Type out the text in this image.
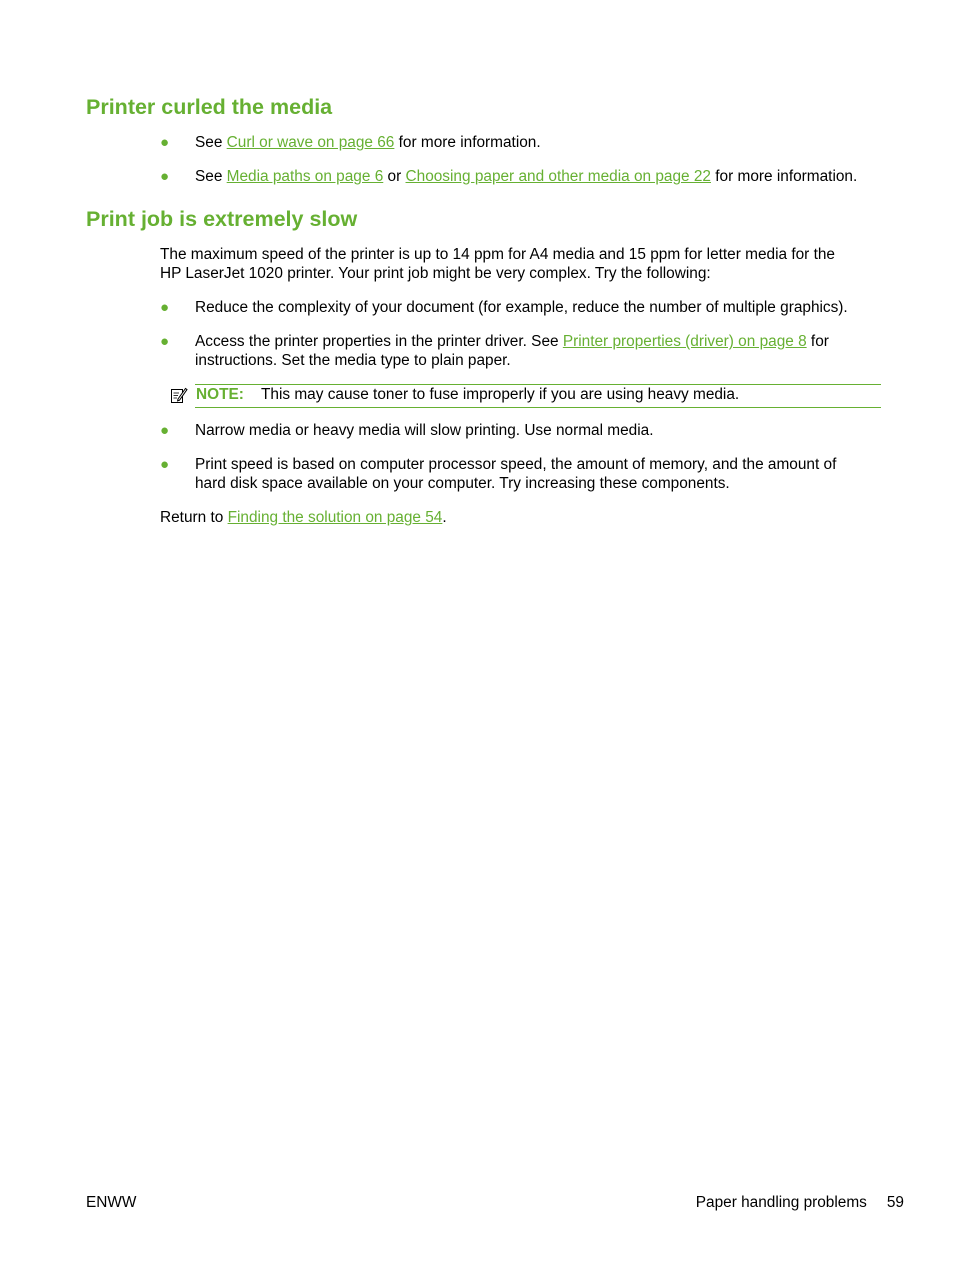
Printer curled the media
● See Curl or wave on page 66 for more information.
● See Media paths on page 6 or Choosing paper and other media on page 22 for more information.
Print job is extremely slow
The maximum speed of the printer is up to 14 ppm for A4 media and 15 ppm for letter media for the
HP LaserJet 1020 printer. Your print job might be very complex. Try the following:
● Reduce the complexity of your document (for example, reduce the number of multiple graphics).
● Access the printer properties in the printer driver. See Printer properties (driver) on page 8 for
instructions. Set the media type to plain paper.
NOTE: This may cause toner to fuse improperly if you are using heavy media.
● Narrow media or heavy media will slow printing. Use normal media.
● Print speed is based on computer processor speed, the amount of memory, and the amount of
hard disk space available on your computer. Try increasing these components.
Return to Finding the solution on page 54.
ENWW	Paper handling problems 59
